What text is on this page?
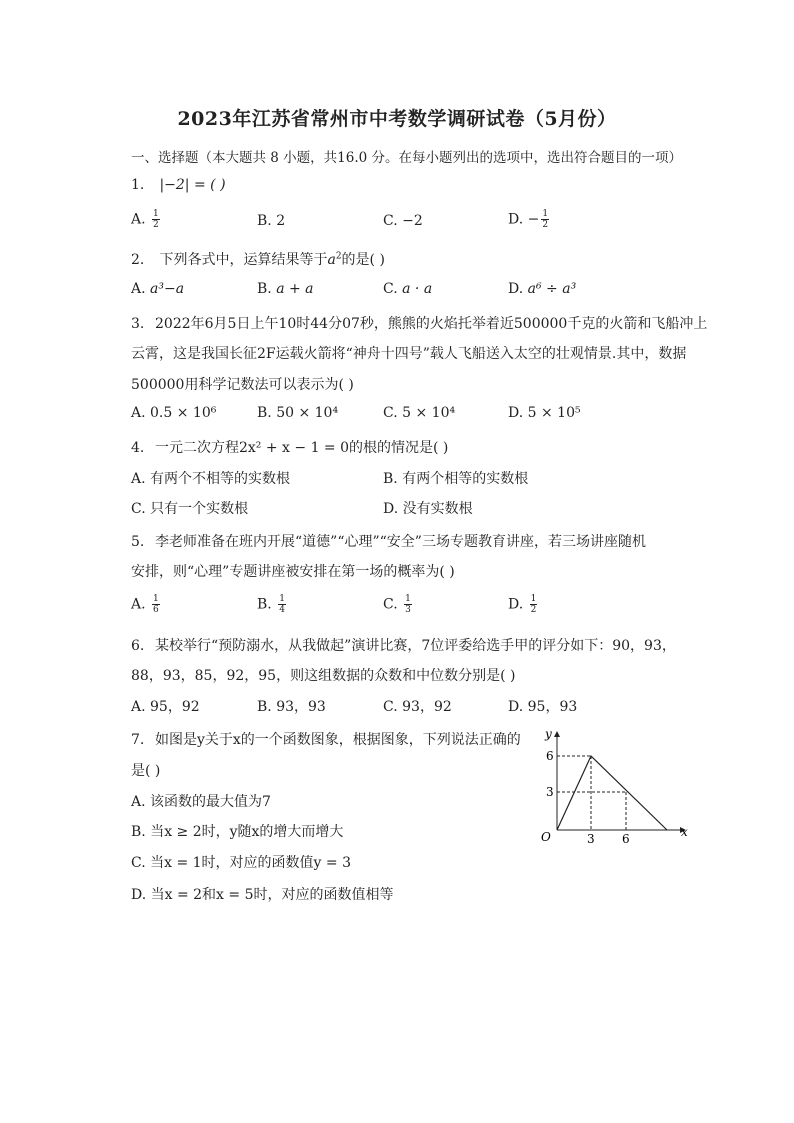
2023年江苏省常州市中考数学调研试卷（5月份）
一、选择题（本大题共 8 小题，共16.0 分。在每小题列出的选项中，选出符合题目的一项）
1. |−2| = ( )
A. $\frac{1}{2}$	B. 2	C. −2	D. − $\frac{1}{2}$
2. 下列各式中，运算结果等于$a^2$的是( )
A. a³−a	B. a + a	C. a · a	D. a⁶ ÷ a³
3. 2022年6月5日上午10时44分07秒，熊熊的火焰托举着近500000千克的火箭和飞船冲上
云霄，这是我国长征2F运载火箭将“神舟十四号”载人飞船送入太空的壮观情景.其中，数据
500000用科学记数法可以表示为( )
A. 0.5 × 10⁶	B. 50 × 10⁴	C. 5 × 10⁴	D. 5 × 10⁵
4. 一元二次方程2x² + x − 1 = 0的根的情况是( )
A. 有两个不相等的实数根	B. 有两个相等的实数根
C. 只有一个实数根	D. 没有实数根
5. 李老师准备在班内开展“道德”“心理”“安全”三场专题教育讲座，若三场讲座随机
安排，则“心理”专题讲座被安排在第一场的概率为( )
A. $\frac{1}{6}$	B. $\frac{1}{4}$	C. $\frac{1}{3}$	D. $\frac{1}{2}$
6. 某校举行“预防溺水，从我做起”演讲比赛，7位评委给选手甲的评分如下：90，93，
88，93，85，92，95，则这组数据的众数和中位数分别是( )
A. 95，92	B. 93，93	C. 93，92	D. 95，93
7. 如图是y关于x的一个函数图象，根据图象，下列说法正确的
是( )
A. 该函数的最大值为7
B. 当x ≥ 2时，y随x的增大而增大
C. 当x = 1时，对应的函数值y = 3
D. 当x = 2和x = 5时，对应的函数值相等
y
x
O
6
3
3 6
